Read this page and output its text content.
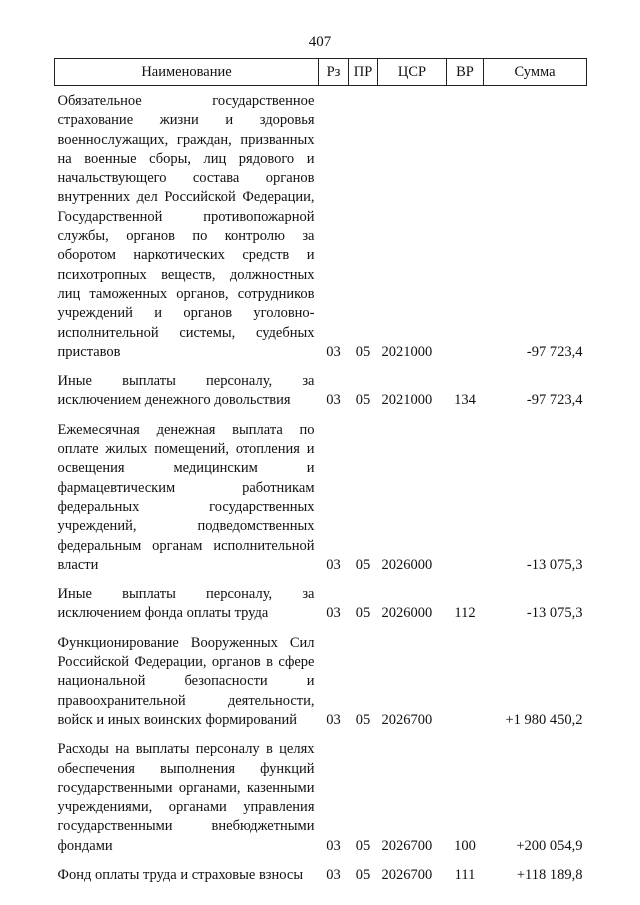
407
Наименование	Рз	ПР	ЦСР	ВР	Сумма
Обязательное государственное страхование жизни и здоровья военнослужащих, граждан, призванных на военные сборы, лиц рядового и начальствующего состава органов внутренних дел Российской Федерации, Государственной противопожарной службы, органов по контролю за оборотом наркотических средств и психотропных веществ, должностных лиц таможенных органов, сотрудников учреждений и органов уголовно-исполнительной системы, судебных приставов	03	05	2021000		-97 723,4
Иные выплаты персоналу, за исключением денежного довольствия	03	05	2021000	134	-97 723,4
Ежемесячная денежная выплата по оплате жилых помещений, отопления и освещения медицинским и фармацевтическим работникам федеральных государственных учреждений, подведомственных федеральным органам исполнительной власти	03	05	2026000		-13 075,3
Иные выплаты персоналу, за исключением фонда оплаты труда	03	05	2026000	112	-13 075,3
Функционирование Вооруженных Сил Российской Федерации, органов в сфере национальной безопасности и правоохранительной деятельности, войск и иных воинских формирований	03	05	2026700		+1 980 450,2
Расходы на выплаты персоналу в целях обеспечения выполнения функций государственными органами, казенными учреждениями, органами управления государственными внебюджетными фондами	03	05	2026700	100	+200 054,9
Фонд оплаты труда и страховые взносы	03	05	2026700	111	+118 189,8
